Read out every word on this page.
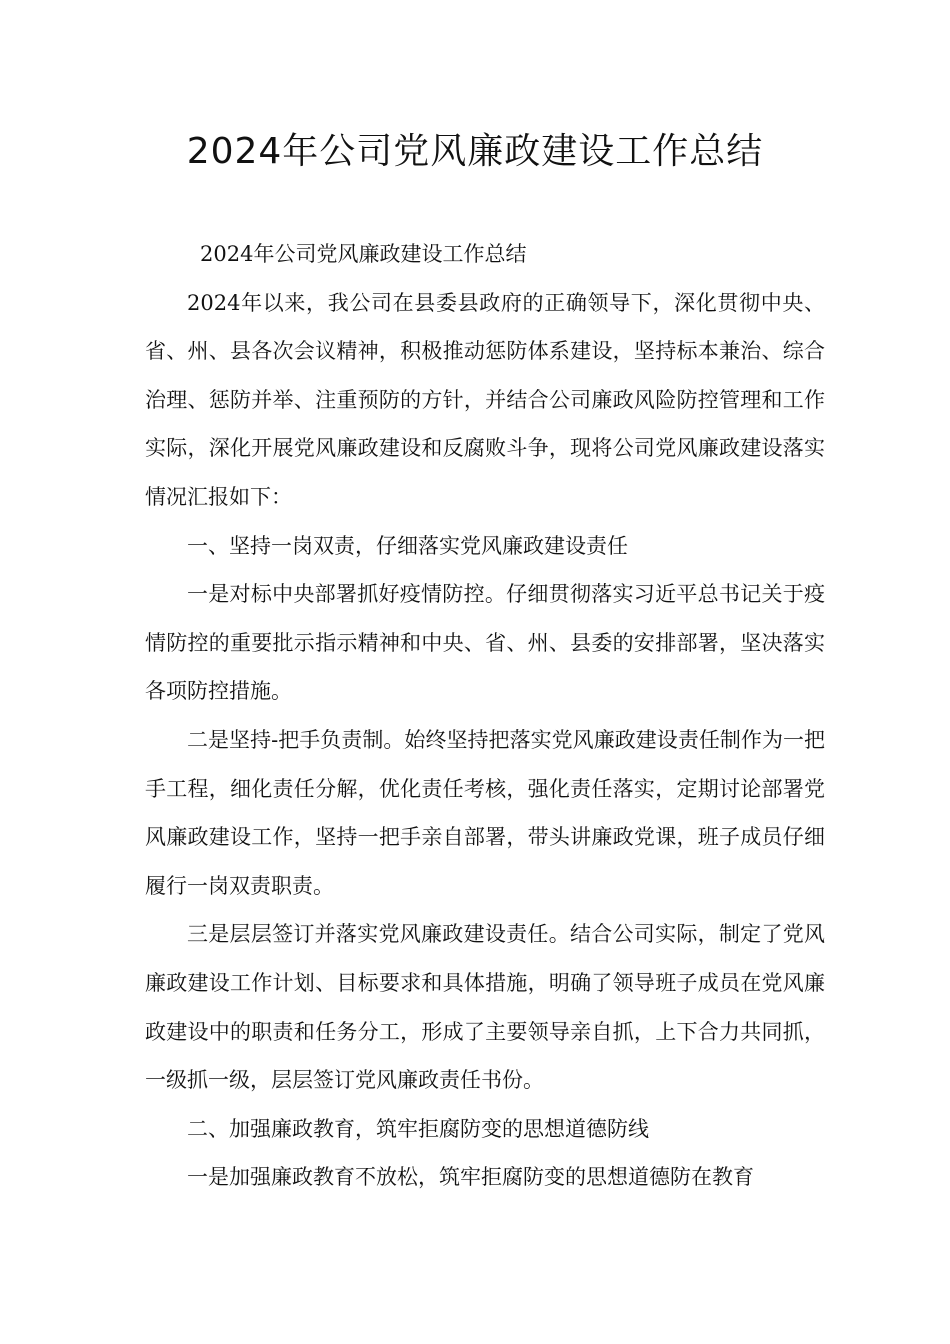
2024年公司党风廉政建设工作总结

2024年公司党风廉政建设工作总结

2024年以来，我公司在县委县政府的正确领导下，深化贯彻中央、省、州、县各次会议精神，积极推动惩防体系建设，坚持标本兼治、综合治理、惩防并举、注重预防的方针，并结合公司廉政风险防控管理和工作实际，深化开展党风廉政建设和反腐败斗争，现将公司党风廉政建设落实情况汇报如下：

一、坚持一岗双责，仔细落实党风廉政建设责任

一是对标中央部署抓好疫情防控。仔细贯彻落实习近平总书记关于疫情防控的重要批示指示精神和中央、省、州、县委的安排部署，坚决落实各项防控措施。

二是坚持-把手负责制。始终坚持把落实党风廉政建设责任制作为一把手工程，细化责任分解，优化责任考核，强化责任落实，定期讨论部署党风廉政建设工作，坚持一把手亲自部署，带头讲廉政党课，班子成员仔细履行一岗双责职责。

三是层层签订并落实党风廉政建设责任。结合公司实际，制定了党风廉政建设工作计划、目标要求和具体措施，明确了领导班子成员在党风廉政建设中的职责和任务分工，形成了主要领导亲自抓，上下合力共同抓，一级抓一级，层层签订党风廉政责任书份。

二、加强廉政教育，筑牢拒腐防变的思想道德防线

一是加强廉政教育不放松，筑牢拒腐防变的思想道德防在教育
